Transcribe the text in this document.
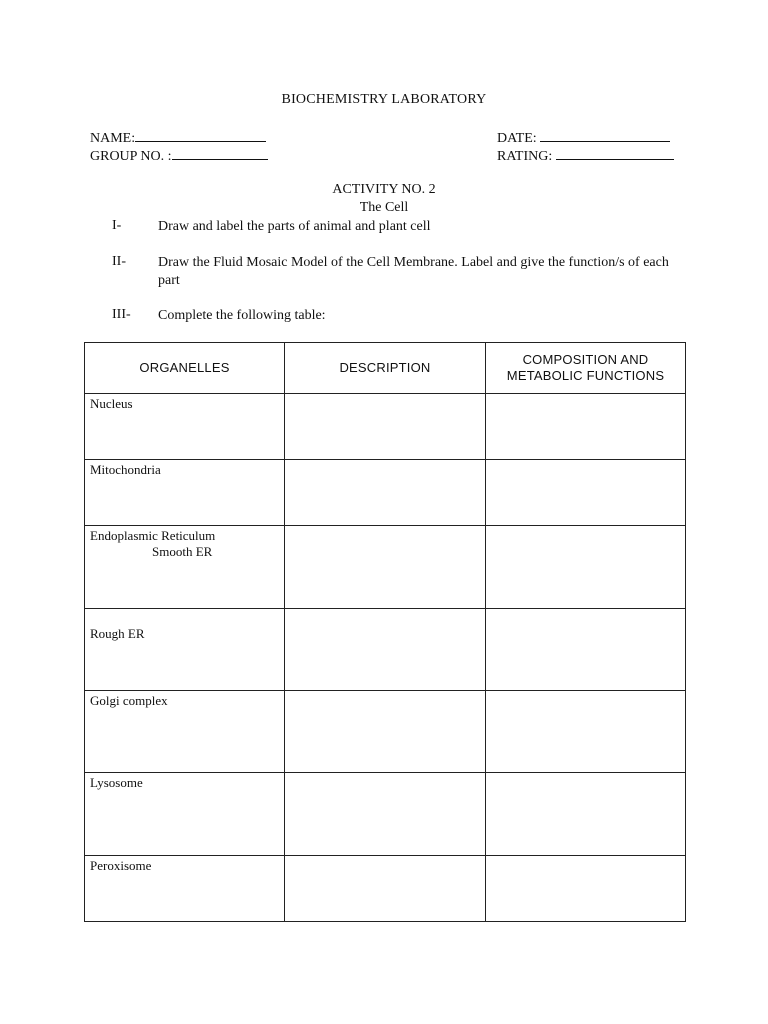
BIOCHEMISTRY LABORATORY
NAME:
GROUP NO. :
DATE:
RATING:
ACTIVITY NO. 2
The Cell
I-	Draw and label the parts of animal and plant cell
II- Draw the Fluid Mosaic Model of the Cell Membrane. Label and give the function/s of each part
III- Complete the following table:
ORGANELLES	DESCRIPTION	COMPOSITION AND METABOLIC FUNCTIONS

Nucleus		

Mitochondria		

Endoplasmic Reticulum
Smooth ER		

Rough ER		

Golgi complex		

Lysosome		

Peroxisome		
